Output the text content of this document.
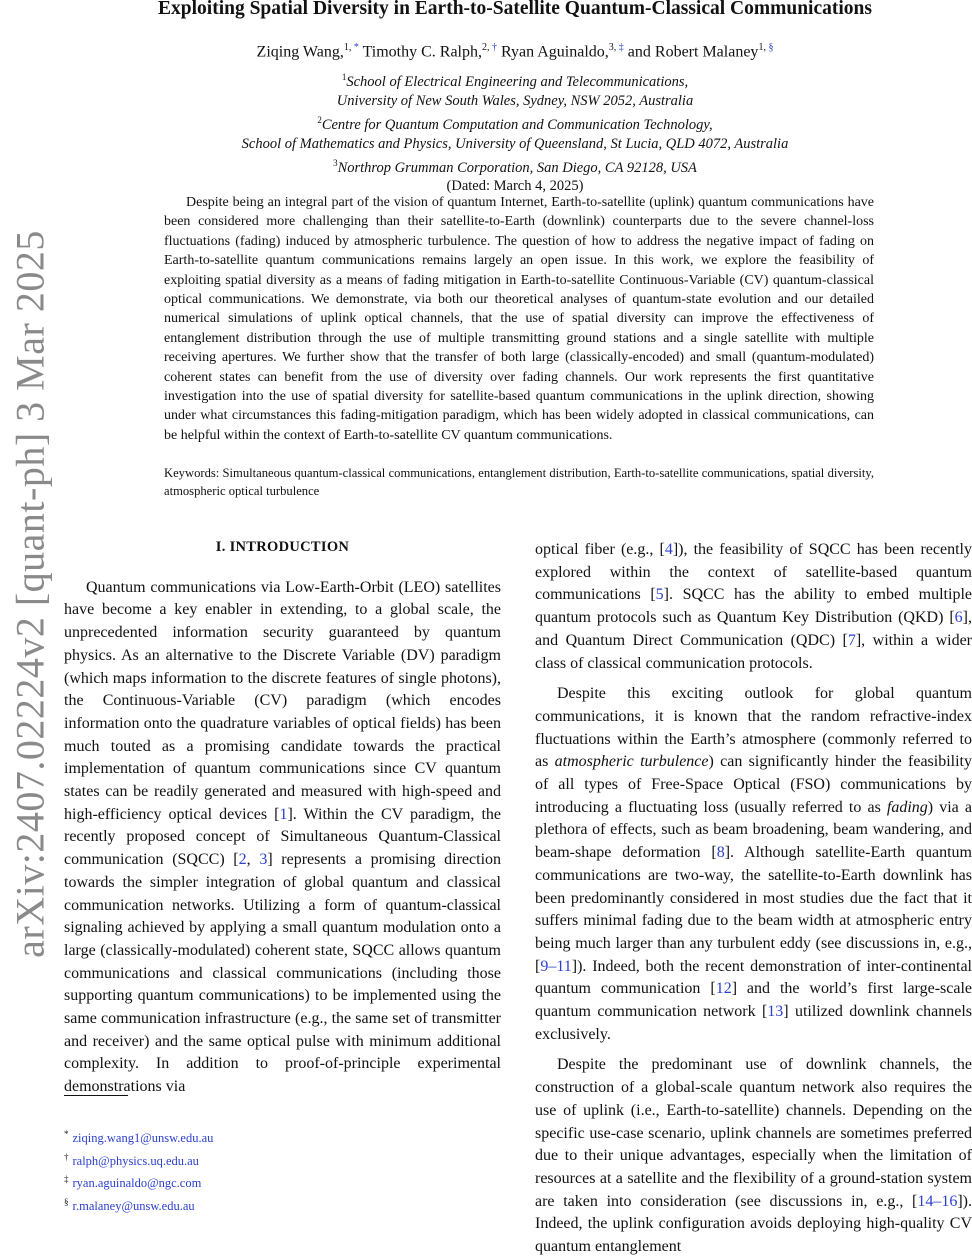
arXiv:2407.02224v2 [quant-ph] 3 Mar 2025
Exploiting Spatial Diversity in Earth-to-Satellite Quantum-Classical Communications
Ziqing Wang,$^{1, *}$ Timothy C. Ralph,$^{2, \dagger}$ Ryan Aguinaldo,$^{3, \ddagger}$ and Robert Malaney$^{1, \S}$
$^1$School of Electrical Engineering and Telecommunications,
University of New South Wales, Sydney, NSW 2052, Australia
$^2$Centre for Quantum Computation and Communication Technology,
School of Mathematics and Physics, University of Queensland, St Lucia, QLD 4072, Australia
$^3$Northrop Grumman Corporation, San Diego, CA 92128, USA
(Dated: March 4, 2025)

Despite being an integral part of the vision of quantum Internet, Earth-to-satellite (uplink) quantum communications have been considered more challenging than their satellite-to-Earth (downlink) counterparts due to the severe channel-loss fluctuations (fading) induced by atmospheric turbulence. The question of how to address the negative impact of fading on Earth-to-satellite quantum communications remains largely an open issue. In this work, we explore the feasibility of exploiting spatial diversity as a means of fading mitigation in Earth-to-satellite Continuous-Variable (CV) quantum-classical optical communications. We demonstrate, via both our theoretical analyses of quantum-state evolution and our detailed numerical simulations of uplink optical channels, that the use of spatial diversity can improve the effectiveness of entanglement distribution through the use of multiple transmitting ground stations and a single satellite with multiple receiving apertures. We further show that the transfer of both large (classically-encoded) and small (quantum-modulated) coherent states can benefit from the use of diversity over fading channels. Our work represents the first quantitative investigation into the use of spatial diversity for satellite-based quantum communications in the uplink direction, showing under what circumstances this fading-mitigation paradigm, which has been widely adopted in classical communications, can be helpful within the context of Earth-to-satellite CV quantum communications.

Keywords: Simultaneous quantum-classical communications, entanglement distribution, Earth-to-satellite communications, spatial diversity, atmospheric optical turbulence
I. INTRODUCTION

Quantum communications via Low-Earth-Orbit (LEO) satellites have become a key enabler in extending, to a global scale, the unprecedented information security guaranteed by quantum physics. As an alternative to the Discrete Variable (DV) paradigm (which maps information to the discrete features of single photons), the Continuous-Variable (CV) paradigm (which encodes information onto the quadrature variables of optical fields) has been much touted as a promising candidate towards the practical implementation of quantum communications since CV quantum states can be readily generated and measured with high-speed and high-efficiency optical devices [1]. Within the CV paradigm, the recently proposed concept of Simultaneous Quantum-Classical communication (SQCC) [2, 3] represents a promising direction towards the simpler integration of global quantum and classical communication networks. Utilizing a form of quantum-classical signaling achieved by applying a small quantum modulation onto a large (classically-modulated) coherent state, SQCC allows quantum communications and classical communications (including those supporting quantum communications) to be implemented using the same communication infrastructure (e.g., the same set of transmitter and receiver) and the same optical pulse with minimum additional complexity. In addition to proof-of-principle experimental demonstrations via

optical fiber (e.g., [4]), the feasibility of SQCC has been recently explored within the context of satellite-based quantum communications [5]. SQCC has the ability to embed multiple quantum protocols such as Quantum Key Distribution (QKD) [6], and Quantum Direct Communication (QDC) [7], within a wider class of classical communication protocols.

Despite this exciting outlook for global quantum communications, it is known that the random refractive-index fluctuations within the Earth’s atmosphere (commonly referred to as atmospheric turbulence) can significantly hinder the feasibility of all types of Free-Space Optical (FSO) communications by introducing a fluctuating loss (usually referred to as fading) via a plethora of effects, such as beam broadening, beam wandering, and beam-shape deformation [8]. Although satellite-Earth quantum communications are two-way, the satellite-to-Earth downlink has been predominantly considered in most studies due the fact that it suffers minimal fading due to the beam width at atmospheric entry being much larger than any turbulent eddy (see discussions in, e.g., [9–11]). Indeed, both the recent demonstration of inter-continental quantum communication [12] and the world’s first large-scale quantum communication network [13] utilized downlink channels exclusively.

Despite the predominant use of downlink channels, the construction of a global-scale quantum network also requires the use of uplink (i.e., Earth-to-satellite) channels. Depending on the specific use-case scenario, uplink channels are sometimes preferred due to their unique advantages, especially when the limitation of resources at a satellite and the flexibility of a ground-station system are taken into consideration (see discussions in, e.g., [14–16]). Indeed, the uplink configuration avoids deploying high-quality CV quantum entanglement

* ziqing.wang1@unsw.edu.au
† ralph@physics.uq.edu.au
‡ ryan.aguinaldo@ngc.com
§ r.malaney@unsw.edu.au
